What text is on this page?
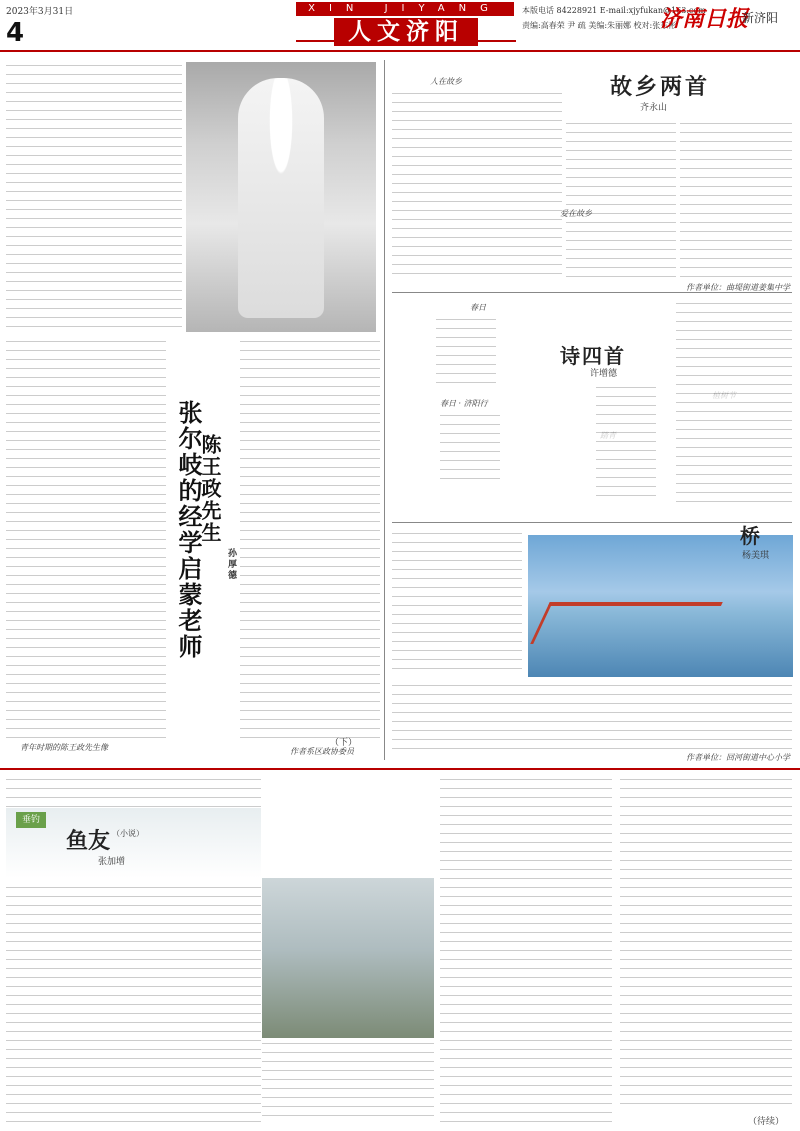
2023年3月31日
4
XIN JIYANG
人文济阳
本版电话 84228921 E-mail:xjyfukan@163.com
责编:高春荣 尹 疏 美编:朱丽娜 校对:张东彬
济南日报
新济阳
青年时期的陈王政先生像
张尔岐的经学启蒙老师
陈王政先生
孙厚德
（下）
作者系区政协委员
人在故乡	故乡两首
齐永山
爱在故乡
作者单位：曲堤街道姜集中学
诗四首
许增德
春日
春日 · 济阳行
桥
杨美琪
作者单位：回河街道中心小学
垂钓
鱼友 （小说）
张加增
（待续）
